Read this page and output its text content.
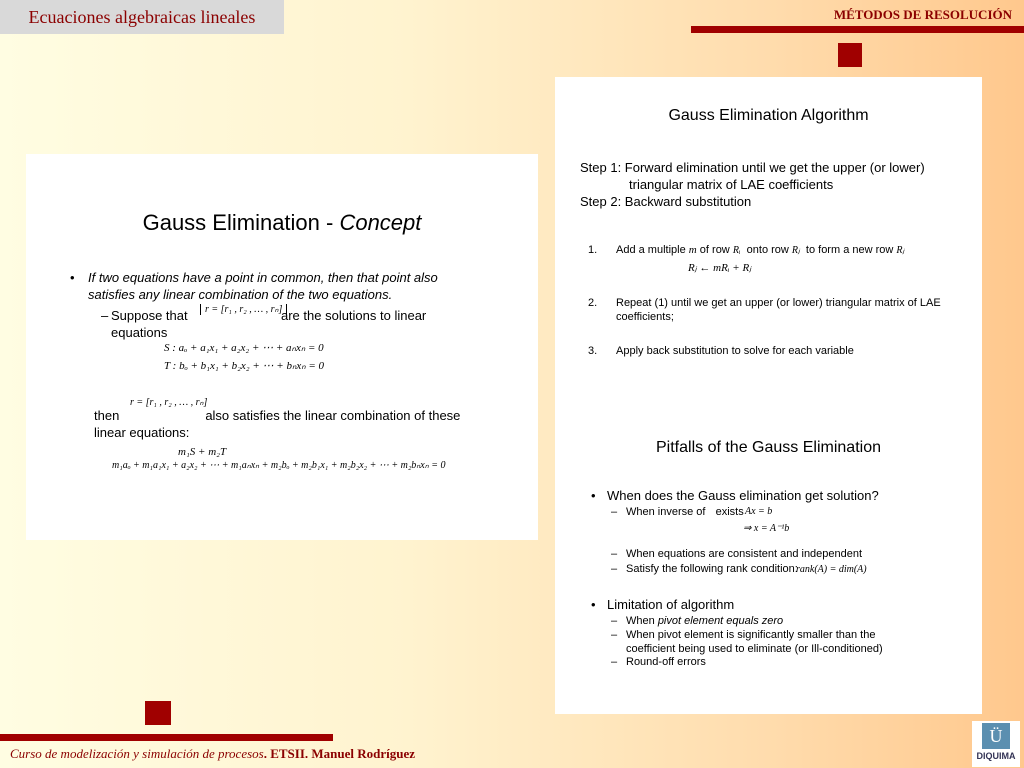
Ecuaciones algebraicas lineales	MÉTODOS DE RESOLUCIÓN
Gauss Elimination - Concept
• If two equations have a point in common, then that point also satisfies any linear combination of the two equations.
– Suppose that	r = [r₁ , r₂ , … , rₙ]
are the solutions to linear equations
S : aₒ + a₁x₁ + a₂x₂ + ⋯ + aₙxₙ = 0
T : bₒ + b₁x₁ + b₂x₂ + ⋯ + bₙxₙ = 0
r = [r₁ , r₂ , … , rₙ]
then	also satisfies the linear combination of these linear equations:
m₁S + m₂T
m₁aₒ + m₁a₁x₁ + a₂x₂ + ⋯ + m₁aₙxₙ + m₂bₒ + m₂b₁x₁ + m₂b₂x₂ + ⋯ + m₂bₙxₙ = 0
Gauss Elimination Algorithm
Step 1: Forward elimination until we get the upper (or lower)
triangular matrix of LAE coefficients
Step 2: Backward substitution
1. Add a multiple m of row Rᵢ onto row Rⱼ to form a new row Rⱼ
Rⱼ ← mRᵢ + Rⱼ
2. Repeat (1) until we get an upper (or lower) triangular matrix of LAE coefficients;
3. Apply back substitution to solve for each variable
Pitfalls of the Gauss Elimination
• When does the Gauss elimination get solution?
– When inverse of exists Ax = b
⇒ x = A⁻¹b
– When equations are consistent and independent
– Satisfy the following rank condition:
rank(A) = dim(A)
• Limitation of algorithm
– When pivot element equals zero
– When pivot element is significantly smaller than the coefficient being used to eliminate (or Ill-conditioned)
– Round-off errors
Curso de modelización y simulación de procesos. ETSII. Manuel Rodríguez
Ü
DIQUIMA
